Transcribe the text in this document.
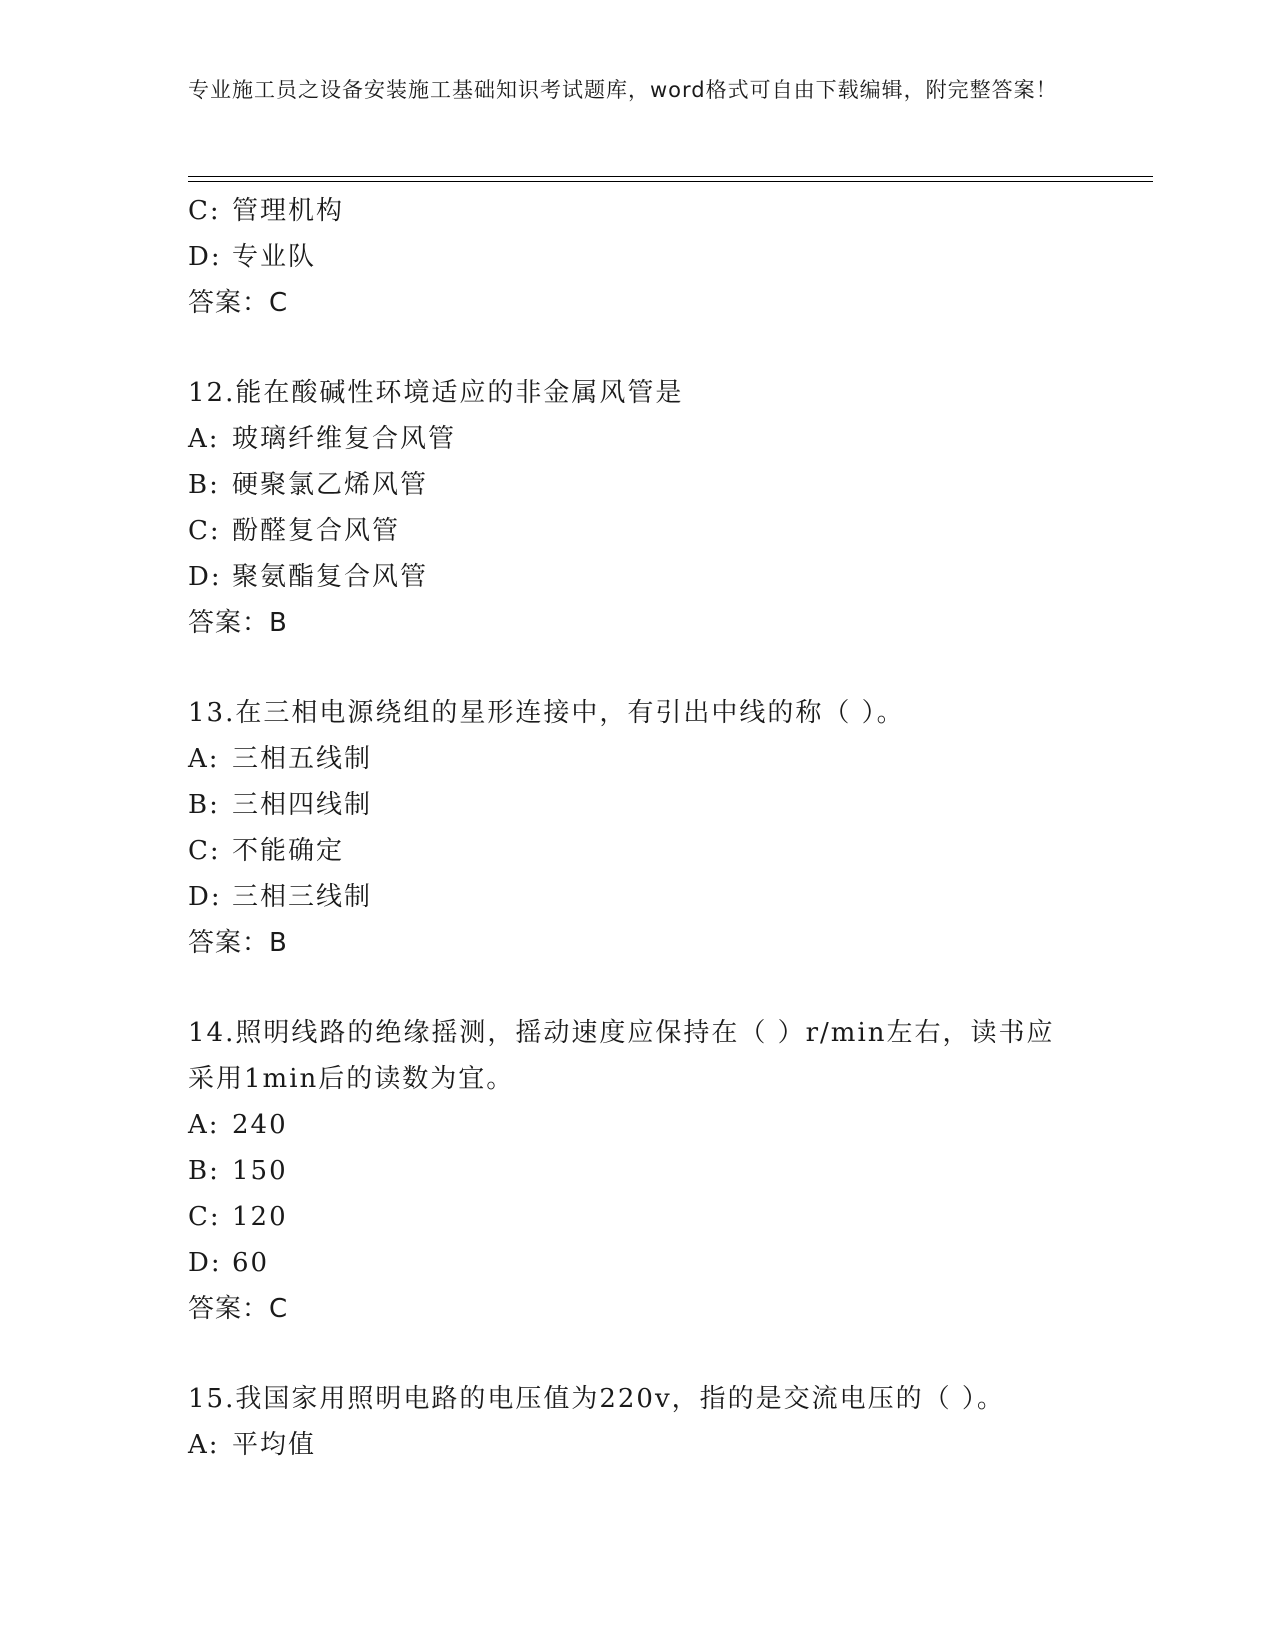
专业施工员之设备安装施工基础知识考试题库，word格式可自由下载编辑，附完整答案！
C: 管理机构
D: 专业队
答案：C
12.能在酸碱性环境适应的非金属风管是
A: 玻璃纤维复合风管
B: 硬聚氯乙烯风管
C: 酚醛复合风管
D: 聚氨酯复合风管
答案：B
13.在三相电源绕组的星形连接中，有引出中线的称（ ）。
A: 三相五线制
B: 三相四线制
C: 不能确定
D: 三相三线制
答案：B
14.照明线路的绝缘摇测，摇动速度应保持在（ ）r/min左右，读书应
采用1min后的读数为宜。
A: 240
B: 150
C: 120
D: 60
答案：C
15.我国家用照明电路的电压值为220v，指的是交流电压的（ ）。
A: 平均值
